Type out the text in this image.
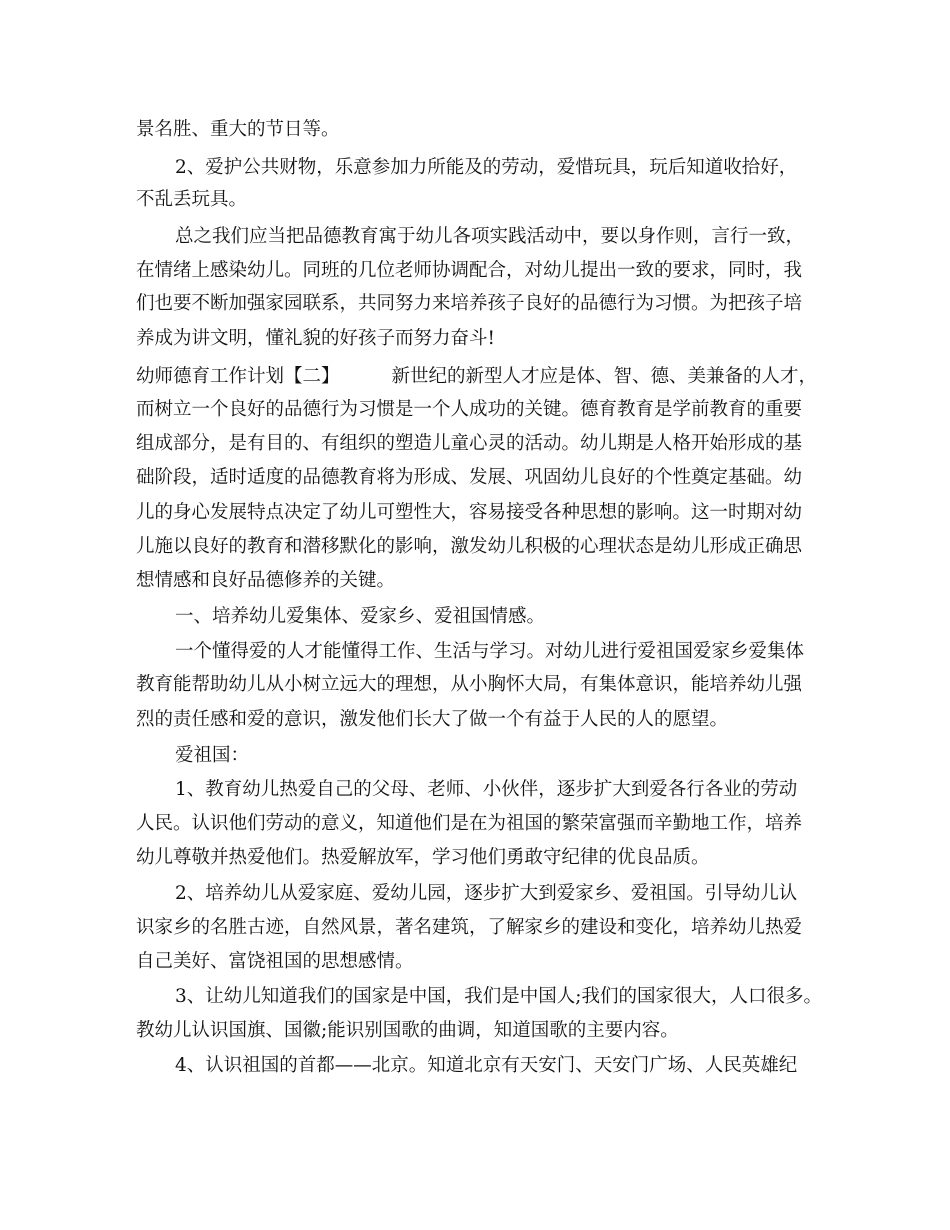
景名胜、重大的节日等。

2、爱护公共财物，乐意参加力所能及的劳动，爱惜玩具，玩后知道收拾好，

不乱丢玩具。

总之我们应当把品德教育寓于幼儿各项实践活动中，要以身作则，言行一致，

在情绪上感染幼儿。同班的几位老师协调配合，对幼儿提出一致的要求，同时，我

们也要不断加强家园联系，共同努力来培养孩子良好的品德行为习惯。为把孩子培

养成为讲文明，懂礼貌的好孩子而努力奋斗!

幼师德育工作计划【二】	新世纪的新型人才应是体、智、德、美兼备的人才，

而树立一个良好的品德行为习惯是一个人成功的关键。德育教育是学前教育的重要

组成部分，是有目的、有组织的塑造儿童心灵的活动。幼儿期是人格开始形成的基

础阶段，适时适度的品德教育将为形成、发展、巩固幼儿良好的个性奠定基础。幼

儿的身心发展特点决定了幼儿可塑性大，容易接受各种思想的影响。这一时期对幼

儿施以良好的教育和潜移默化的影响，激发幼儿积极的心理状态是幼儿形成正确思

想情感和良好品德修养的关键。

一、培养幼儿爱集体、爱家乡、爱祖国情感。

一个懂得爱的人才能懂得工作、生活与学习。对幼儿进行爱祖国爱家乡爱集体

教育能帮助幼儿从小树立远大的理想，从小胸怀大局，有集体意识，能培养幼儿强

烈的责任感和爱的意识，激发他们长大了做一个有益于人民的人的愿望。

爱祖国：

1、教育幼儿热爱自己的父母、老师、小伙伴，逐步扩大到爱各行各业的劳动

人民。认识他们劳动的意义，知道他们是在为祖国的繁荣富强而辛勤地工作，培养

幼儿尊敬并热爱他们。热爱解放军，学习他们勇敢守纪律的优良品质。

2、培养幼儿从爱家庭、爱幼儿园，逐步扩大到爱家乡、爱祖国。引导幼儿认

识家乡的名胜古迹，自然风景，著名建筑，了解家乡的建设和变化，培养幼儿热爱

自己美好、富饶祖国的思想感情。

3、让幼儿知道我们的国家是中国，我们是中国人;我们的国家很大，人口很多。

教幼儿认识国旗、国徽;能识别国歌的曲调，知道国歌的主要内容。

4、认识祖国的首都——北京。知道北京有天安门、天安门广场、人民英雄纪
